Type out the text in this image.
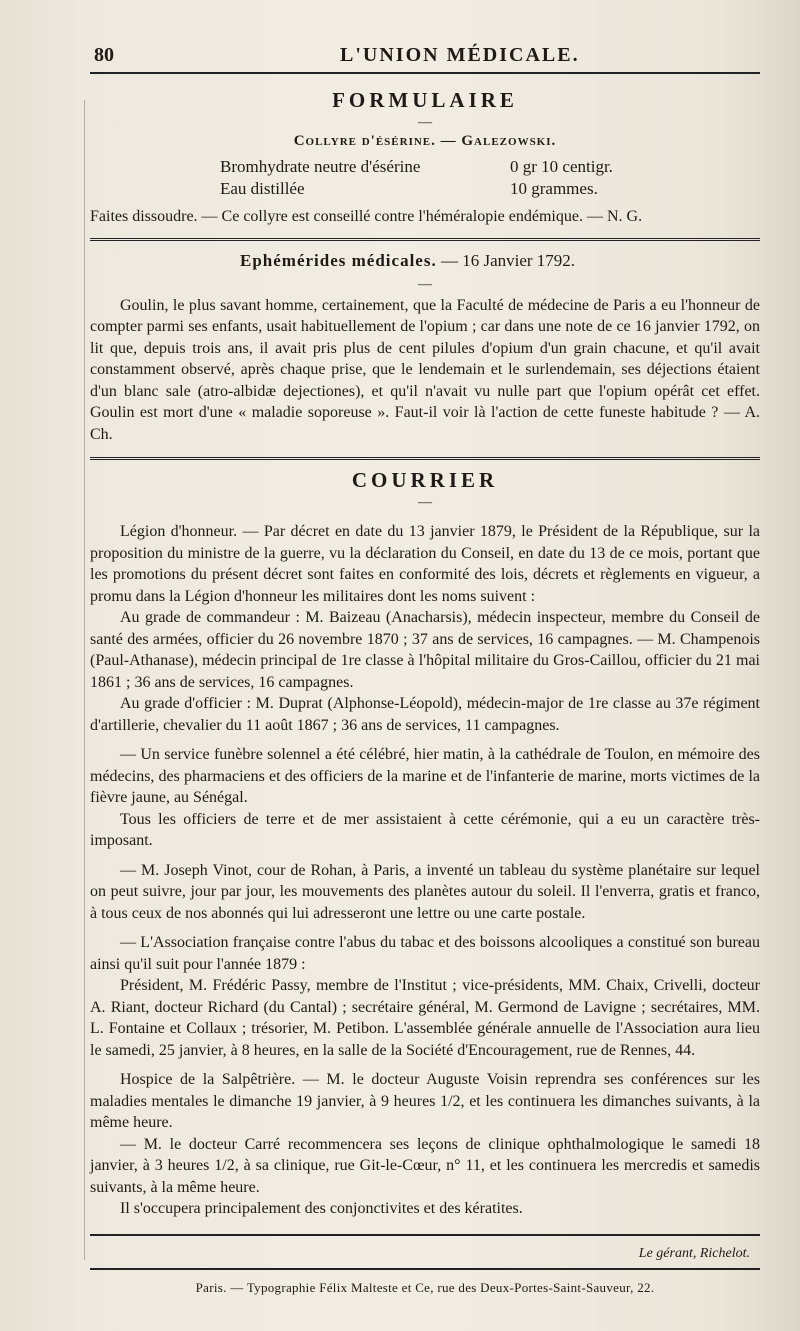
80	L'UNION MÉDICALE.
FORMULAIRE
—
Collyre d'ésérine. — Galezowski.
Bromhydrate neutre d'ésérine	0 gr 10 centigr.
Eau distillée	10 grammes.

Faites dissoudre. — Ce collyre est conseillé contre l'héméralopie endémique. — N. G.

Ephémérides médicales. — 16 Janvier 1792.
—

Goulin, le plus savant homme, certainement, que la Faculté de médecine de Paris a eu l'honneur de compter parmi ses enfants, usait habituellement de l'opium ; car dans une note de ce 16 janvier 1792, on lit que, depuis trois ans, il avait pris plus de cent pilules d'opium d'un grain chacune, et qu'il avait constamment observé, après chaque prise, que le lendemain et le surlendemain, ses déjections étaient d'un blanc sale (atro-albidæ dejectiones), et qu'il n'avait vu nulle part que l'opium opérât cet effet. Goulin est mort d'une « maladie soporeuse ». Faut-il voir là l'action de cette funeste habitude ? — A. Ch.

COURRIER
—

Légion d'honneur. — Par décret en date du 13 janvier 1879, le Président de la République, sur la proposition du ministre de la guerre, vu la déclaration du Conseil, en date du 13 de ce mois, portant que les promotions du présent décret sont faites en conformité des lois, décrets et règlements en vigueur, a promu dans la Légion d'honneur les militaires dont les noms suivent :

Au grade de commandeur : M. Baizeau (Anacharsis), médecin inspecteur, membre du Conseil de santé des armées, officier du 26 novembre 1870 ; 37 ans de services, 16 campagnes. — M. Champenois (Paul-Athanase), médecin principal de 1re classe à l'hôpital militaire du Gros-Caillou, officier du 21 mai 1861 ; 36 ans de services, 16 campagnes.

Au grade d'officier : M. Duprat (Alphonse-Léopold), médecin-major de 1re classe au 37e régiment d'artillerie, chevalier du 11 août 1867 ; 36 ans de services, 11 campagnes.

— Un service funèbre solennel a été célébré, hier matin, à la cathédrale de Toulon, en mémoire des médecins, des pharmaciens et des officiers de la marine et de l'infanterie de marine, morts victimes de la fièvre jaune, au Sénégal.

Tous les officiers de terre et de mer assistaient à cette cérémonie, qui a eu un caractère très-imposant.

— M. Joseph Vinot, cour de Rohan, à Paris, a inventé un tableau du système planétaire sur lequel on peut suivre, jour par jour, les mouvements des planètes autour du soleil. Il l'enverra, gratis et franco, à tous ceux de nos abonnés qui lui adresseront une lettre ou une carte postale.

— L'Association française contre l'abus du tabac et des boissons alcooliques a constitué son bureau ainsi qu'il suit pour l'année 1879 :

Président, M. Frédéric Passy, membre de l'Institut ; vice-présidents, MM. Chaix, Crivelli, docteur A. Riant, docteur Richard (du Cantal) ; secrétaire général, M. Germond de Lavigne ; secrétaires, MM. L. Fontaine et Collaux ; trésorier, M. Petibon. L'assemblée générale annuelle de l'Association aura lieu le samedi, 25 janvier, à 8 heures, en la salle de la Société d'Encouragement, rue de Rennes, 44.

Hospice de la Salpêtrière. — M. le docteur Auguste Voisin reprendra ses conférences sur les maladies mentales le dimanche 19 janvier, à 9 heures 1/2, et les continuera les dimanches suivants, à la même heure.

— M. le docteur Carré recommencera ses leçons de clinique ophthalmologique le samedi 18 janvier, à 3 heures 1/2, à sa clinique, rue Git-le-Cœur, n° 11, et les continuera les mercredis et samedis suivants, à la même heure.

Il s'occupera principalement des conjonctivites et des kératites.

Le gérant, Richelot.
Paris. — Typographie Félix Malteste et Ce, rue des Deux-Portes-Saint-Sauveur, 22.
